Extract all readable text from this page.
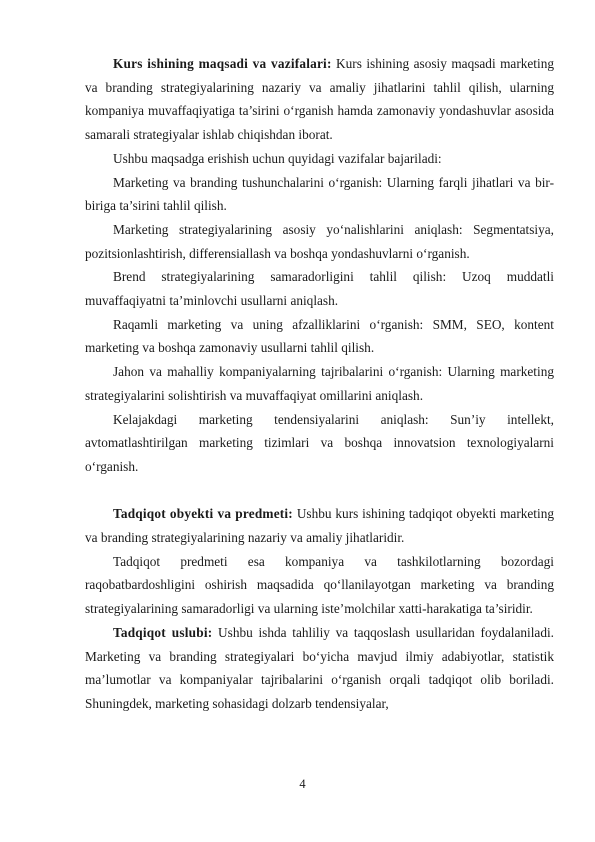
Kurs ishining maqsadi va vazifalari: Kurs ishining asosiy maqsadi marketing va branding strategiyalarining nazariy va amaliy jihatlarini tahlil qilish, ularning kompaniya muvaffaqiyatiga ta’sirini o‘rganish hamda zamonaviy yondashuvlar asosida samarali strategiyalar ishlab chiqishdan iborat.

Ushbu maqsadga erishish uchun quyidagi vazifalar bajariladi:

Marketing va branding tushunchalarini o‘rganish: Ularning farqli jihatlari va bir-biriga ta’sirini tahlil qilish.

Marketing strategiyalarining asosiy yo‘nalishlarini aniqlash: Segmentatsiya, pozitsionlashtirish, differensiallash va boshqa yondashuvlarni o‘rganish.

Brend strategiyalarining samaradorligini tahlil qilish: Uzoq muddatli muvaffaqiyatni ta’minlovchi usullarni aniqlash.

Raqamli marketing va uning afzalliklarini o‘rganish: SMM, SEO, kontent marketing va boshqa zamonaviy usullarni tahlil qilish.

Jahon va mahalliy kompaniyalarning tajribalarini o‘rganish: Ularning marketing strategiyalarini solishtirish va muvaffaqiyat omillarini aniqlash.

Kelajakdagi marketing tendensiyalarini aniqlash: Sun’iy intellekt, avtomatlashtirilgan marketing tizimlari va boshqa innovatsion texnologiyalarni o‘rganish.

Tadqiqot obyekti va predmeti: Ushbu kurs ishining tadqiqot obyekti marketing va branding strategiyalarining nazariy va amaliy jihatlaridir.

Tadqiqot predmeti esa kompaniya va tashkilotlarning bozordagi raqobatbardoshligini oshirish maqsadida qo‘llanilayotgan marketing va branding strategiyalarining samaradorligi va ularning iste’molchilar xatti-harakatiga ta’siridir.

Tadqiqot uslubi: Ushbu ishda tahliliy va taqqoslash usullaridan foydalaniladi. Marketing va branding strategiyalari bo‘yicha mavjud ilmiy adabiyotlar, statistik ma’lumotlar va kompaniyalar tajribalarini o‘rganish orqali tadqiqot olib boriladi. Shuningdek, marketing sohasidagi dolzarb tendensiyalar,

4
